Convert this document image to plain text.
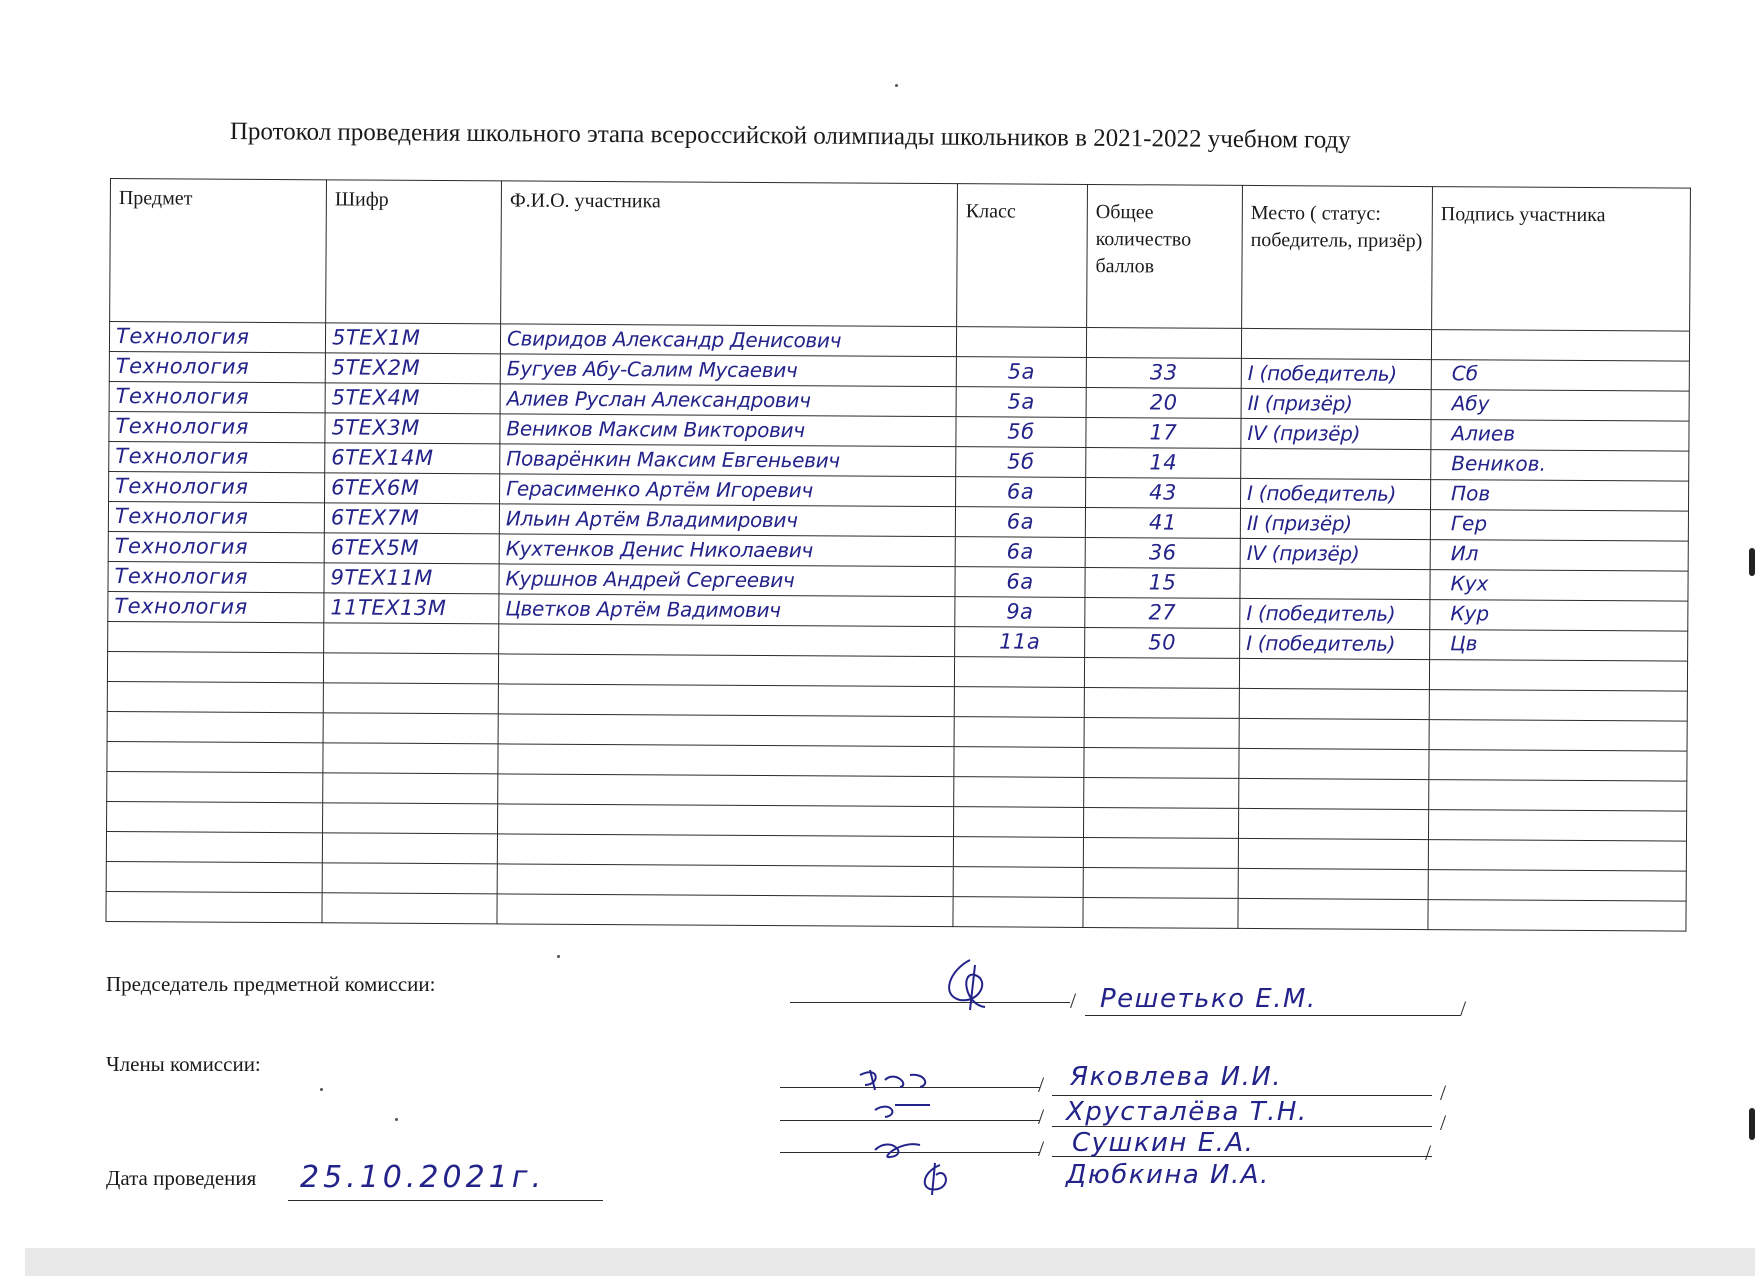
Протокол проведения школьного этапа всероссийской олимпиады школьников в 2021-2022 учебном году
Предмет	Шифр	Ф.И.О. участника	Класс	Общее количество баллов	Место ( статус: победитель, призёр)	Подпись участника

Технология	5ТЕХ1М	Свиридов Александр Денисович				

Технология	5ТЕХ2М	Бугуев Абу-Салим Мусаевич	5а	33	I (победитель)	Сб

Технология	5ТЕХ4М	Алиев Руслан Александрович	5а	20	II (призёр)	Абу

Технология	5ТЕХ3М	Веников Максим Викторович	5б	17	IV (призёр)	Алиев

Технология	6ТЕХ14М	Поварёнкин Максим Евгеньевич	5б	14		Веников.

Технология	6ТЕХ6М	Герасименко Артём Игоревич	6а	43	I (победитель)	Пов

Технология	6ТЕХ7М	Ильин Артём Владимирович	6а	41	II (призёр)	Гер

Технология	6ТЕХ5М	Кухтенков Денис Николаевич	6а	36	IV (призёр)	Ил

Технология	9ТЕХ11М	Куршнов Андрей Сергеевич	6а	15		Кух

Технология	11ТЕХ13М	Цветков Артём Вадимович	9а	27	I (победитель)	Кур

			11а	50	I (победитель)	Цв

Председатель предметной комиссии:
/	/
Решетько Е.М.
Члены комиссии:
/	/
Яковлева И.И.
/	/
Хрусталёва Т.Н.
/	/
Сушкин Е.А.
Дюбкина И.А.
Дата проведения 25.10.2021г.
